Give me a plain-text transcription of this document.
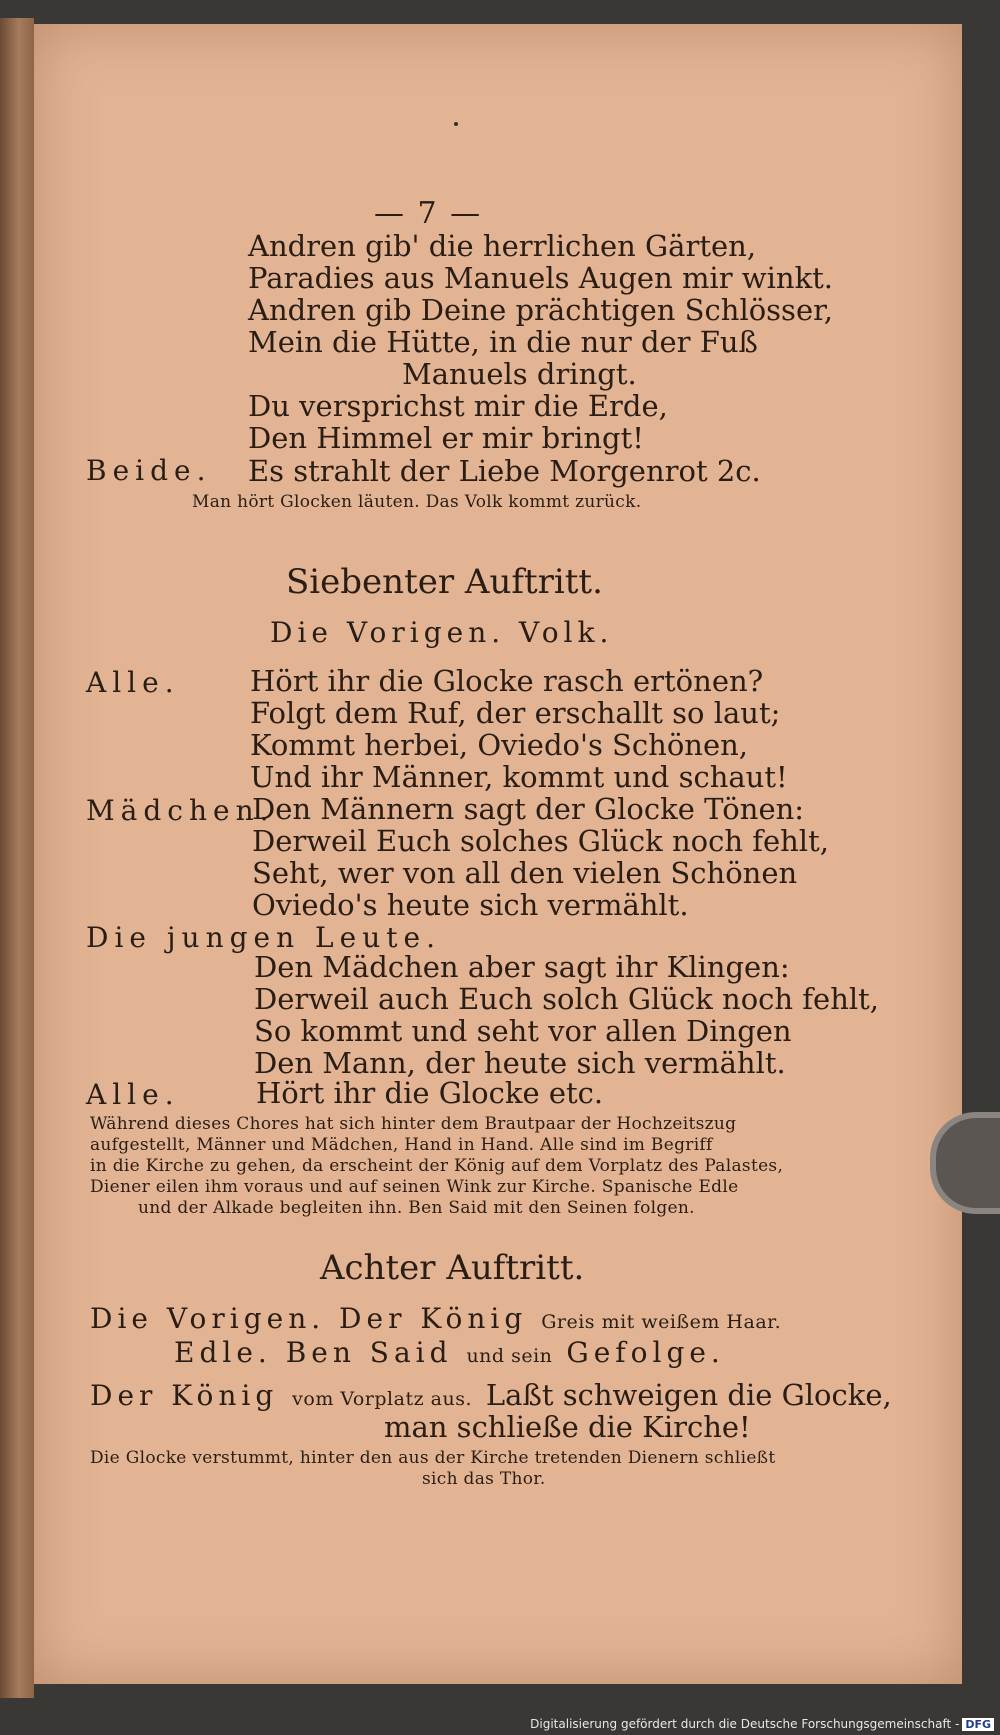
— 7 —
Andren gib' die herrlichen Gärten,
Paradies aus Manuels Augen mir winkt.
Andren gib Deine prächtigen Schlösser,
Mein die Hütte, in die nur der Fuß
Manuels dringt.
Du versprichst mir die Erde,
Den Himmel er mir bringt!
Beide. Es strahlt der Liebe Morgenrot 2c.
Man hört Glocken läuten. Das Volk kommt zurück.
Siebenter Auftritt.
Die Vorigen. Volk.
Alle. Hört ihr die Glocke rasch ertönen?
Folgt dem Ruf, der erschallt so laut;
Kommt herbei, Oviedo's Schönen,
Und ihr Männer, kommt und schaut!
Mädchen.
Den Männern sagt der Glocke Tönen:
Derweil Euch solches Glück noch fehlt,
Seht, wer von all den vielen Schönen
Oviedo's heute sich vermählt.
Die jungen Leute.
Den Mädchen aber sagt ihr Klingen:
Derweil auch Euch solch Glück noch fehlt,
So kommt und seht vor allen Dingen
Den Mann, der heute sich vermählt.
Alle.	Hört ihr die Glocke etc.
Während dieses Chores hat sich hinter dem Brautpaar der Hochzeitszug
aufgestellt, Männer und Mädchen, Hand in Hand. Alle sind im Begriff
in die Kirche zu gehen, da erscheint der König auf dem Vorplatz des Palastes,
Diener eilen ihm voraus und auf seinen Wink zur Kirche. Spanische Edle
und der Alkade begleiten ihn. Ben Said mit den Seinen folgen.
Achter Auftritt.
Die Vorigen. Der König Greis mit weißem Haar.
Edle. Ben Said und sein Gefolge.
Der König vom Vorplatz aus. Laßt schweigen die Glocke,
man schließe die Kirche!
Die Glocke verstummt, hinter den aus der Kirche tretenden Dienern schließt
sich das Thor.
Digitalisierung gefördert durch die Deutsche Forschungsgemeinschaft - DFG
